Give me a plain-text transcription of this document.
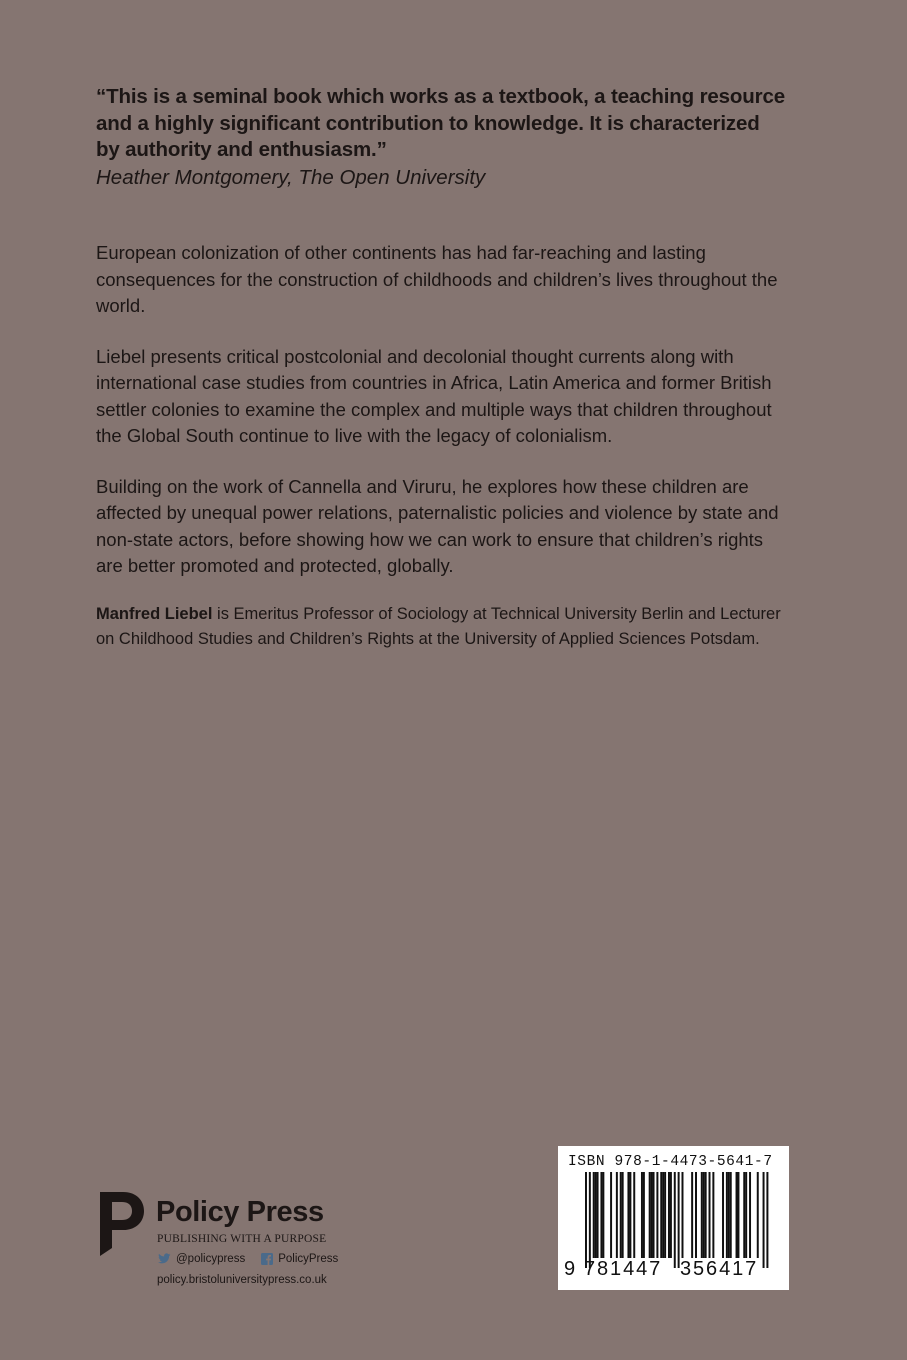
“This is a seminal book which works as a textbook, a teaching resource and a highly significant contribution to knowledge. It is characterized by authority and enthusiasm.”
Heather Montgomery, The Open University
European colonization of other continents has had far-reaching and lasting consequences for the construction of childhoods and children’s lives throughout the world.
Liebel presents critical postcolonial and decolonial thought currents along with international case studies from countries in Africa, Latin America and former British settler colonies to examine the complex and multiple ways that children throughout the Global South continue to live with the legacy of colonialism.
Building on the work of Cannella and Viruru, he explores how these children are affected by unequal power relations, paternalistic policies and violence by state and non-state actors, before showing how we can work to ensure that children’s rights are better promoted and protected, globally.
Manfred Liebel is Emeritus Professor of Sociology at Technical University Berlin and Lecturer on Childhood Studies and Children’s Rights at the University of Applied Sciences Potsdam.
Policy Press
PUBLISHING WITH A PURPOSE
@policypress	PolicyPress
policy.bristoluniversitypress.co.uk
ISBN 978-1-4473-5641-7
9 781447 356417
